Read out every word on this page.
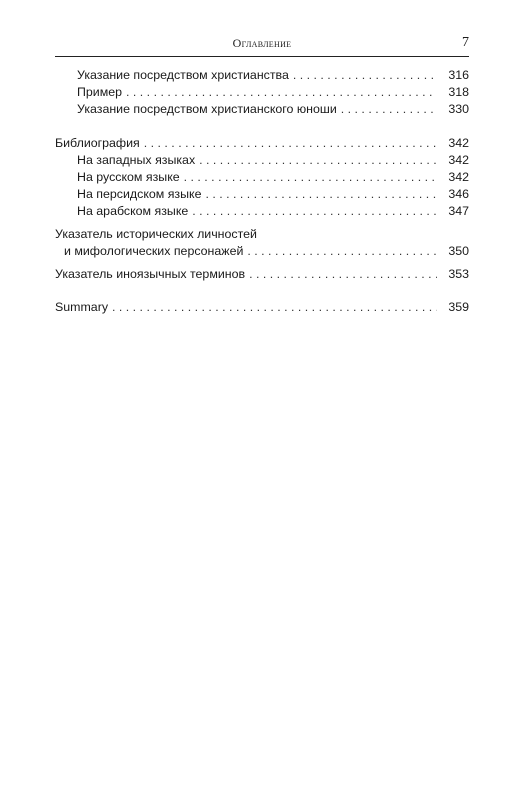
Оглавление	7
Указание посредством христианства . . .	316
Пример . . .	318
Указание посредством христианского юноши . . .	330
Библиография . . .	342
На западных языках . . .	342
На русском языке . . .	342
На персидском языке . . .	346
На арабском языке . . .	347
Указатель исторических личностей
и мифологических персонажей . . .	350
Указатель иноязычных терминов . . .	353
Summary . . .	359
